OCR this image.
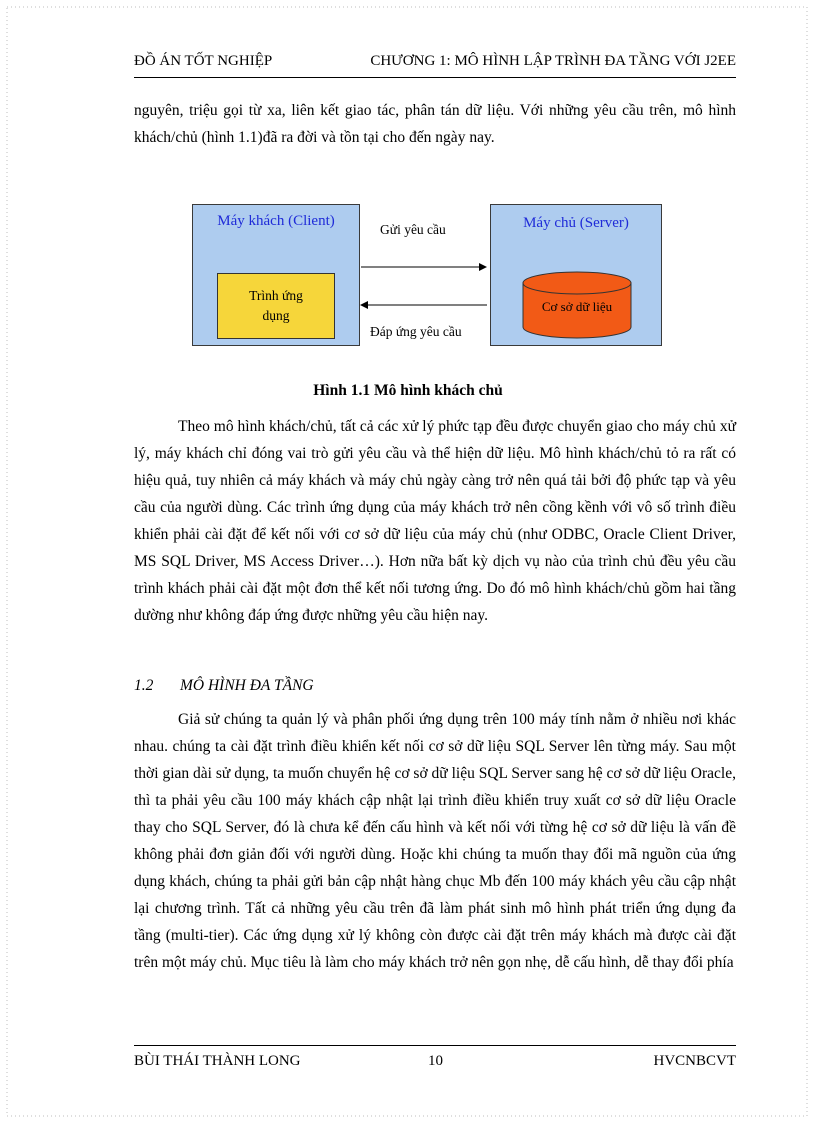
ĐỒ ÁN TỐT NGHIỆP	CHƯƠNG 1: MÔ HÌNH LẬP TRÌNH ĐA TẦNG VỚI J2EE

nguyên, triệu gọi từ xa, liên kết giao tác, phân tán dữ liệu. Với những yêu cầu trên, mô hình khách/chủ (hình 1.1)đã ra đời và tồn tại cho đến ngày nay.

Máy khách (Client)
Trình ứng dụng
Gửi yêu cầu
Đáp ứng yêu cầu
Máy chủ (Server)
Cơ sở dữ liệu
Hình 1.1 Mô hình khách chủ

Theo mô hình khách/chủ, tất cả các xử lý phức tạp đều được chuyển giao cho máy chủ xử lý, máy khách chỉ đóng vai trò gửi yêu cầu và thể hiện dữ liệu. Mô hình khách/chủ tỏ ra rất có hiệu quả, tuy nhiên cả máy khách và máy chủ ngày càng trở nên quá tải bởi độ phức tạp và yêu cầu của người dùng. Các trình ứng dụng của máy khách trở nên cồng kềnh với vô số trình điều khiển phải cài đặt để kết nối với cơ sở dữ liệu của máy chủ (như ODBC, Oracle Client Driver, MS SQL Driver, MS Access Driver…). Hơn nữa bất kỳ dịch vụ nào của trình chủ đều yêu cầu trình khách phải cài đặt một đơn thể kết nối tương ứng. Do đó mô hình khách/chủ gồm hai tầng dường như không đáp ứng được những yêu cầu hiện nay.

1.2 MÔ HÌNH ĐA TẦNG

Giả sử chúng ta quản lý và phân phối ứng dụng trên 100 máy tính nằm ở nhiều nơi khác nhau. chúng ta cài đặt trình điều khiển kết nối cơ sở dữ liệu SQL Server lên từng máy. Sau một thời gian dài sử dụng, ta muốn chuyển hệ cơ sở dữ liệu SQL Server sang hệ cơ sở dữ liệu Oracle, thì ta phải yêu cầu 100 máy khách cập nhật lại trình điều khiển truy xuất cơ sở dữ liệu Oracle thay cho SQL Server, đó là chưa kể đến cấu hình và kết nối với từng hệ cơ sở dữ liệu là vấn đề không phải đơn giản đối với người dùng. Hoặc khi chúng ta muốn thay đổi mã nguồn của ứng dụng khách, chúng ta phải gửi bản cập nhật hàng chục Mb đến 100 máy khách yêu cầu cập nhật lại chương trình. Tất cả những yêu cầu trên đã làm phát sinh mô hình phát triển ứng dụng đa tầng (multi-tier). Các ứng dụng xử lý không còn được cài đặt trên máy khách mà được cài đặt trên một máy chủ. Mục tiêu là làm cho máy khách trở nên gọn nhẹ, dễ cấu hình, dễ thay đổi phía

BÙI THÁI THÀNH LONG	10	HVCNBCVT
